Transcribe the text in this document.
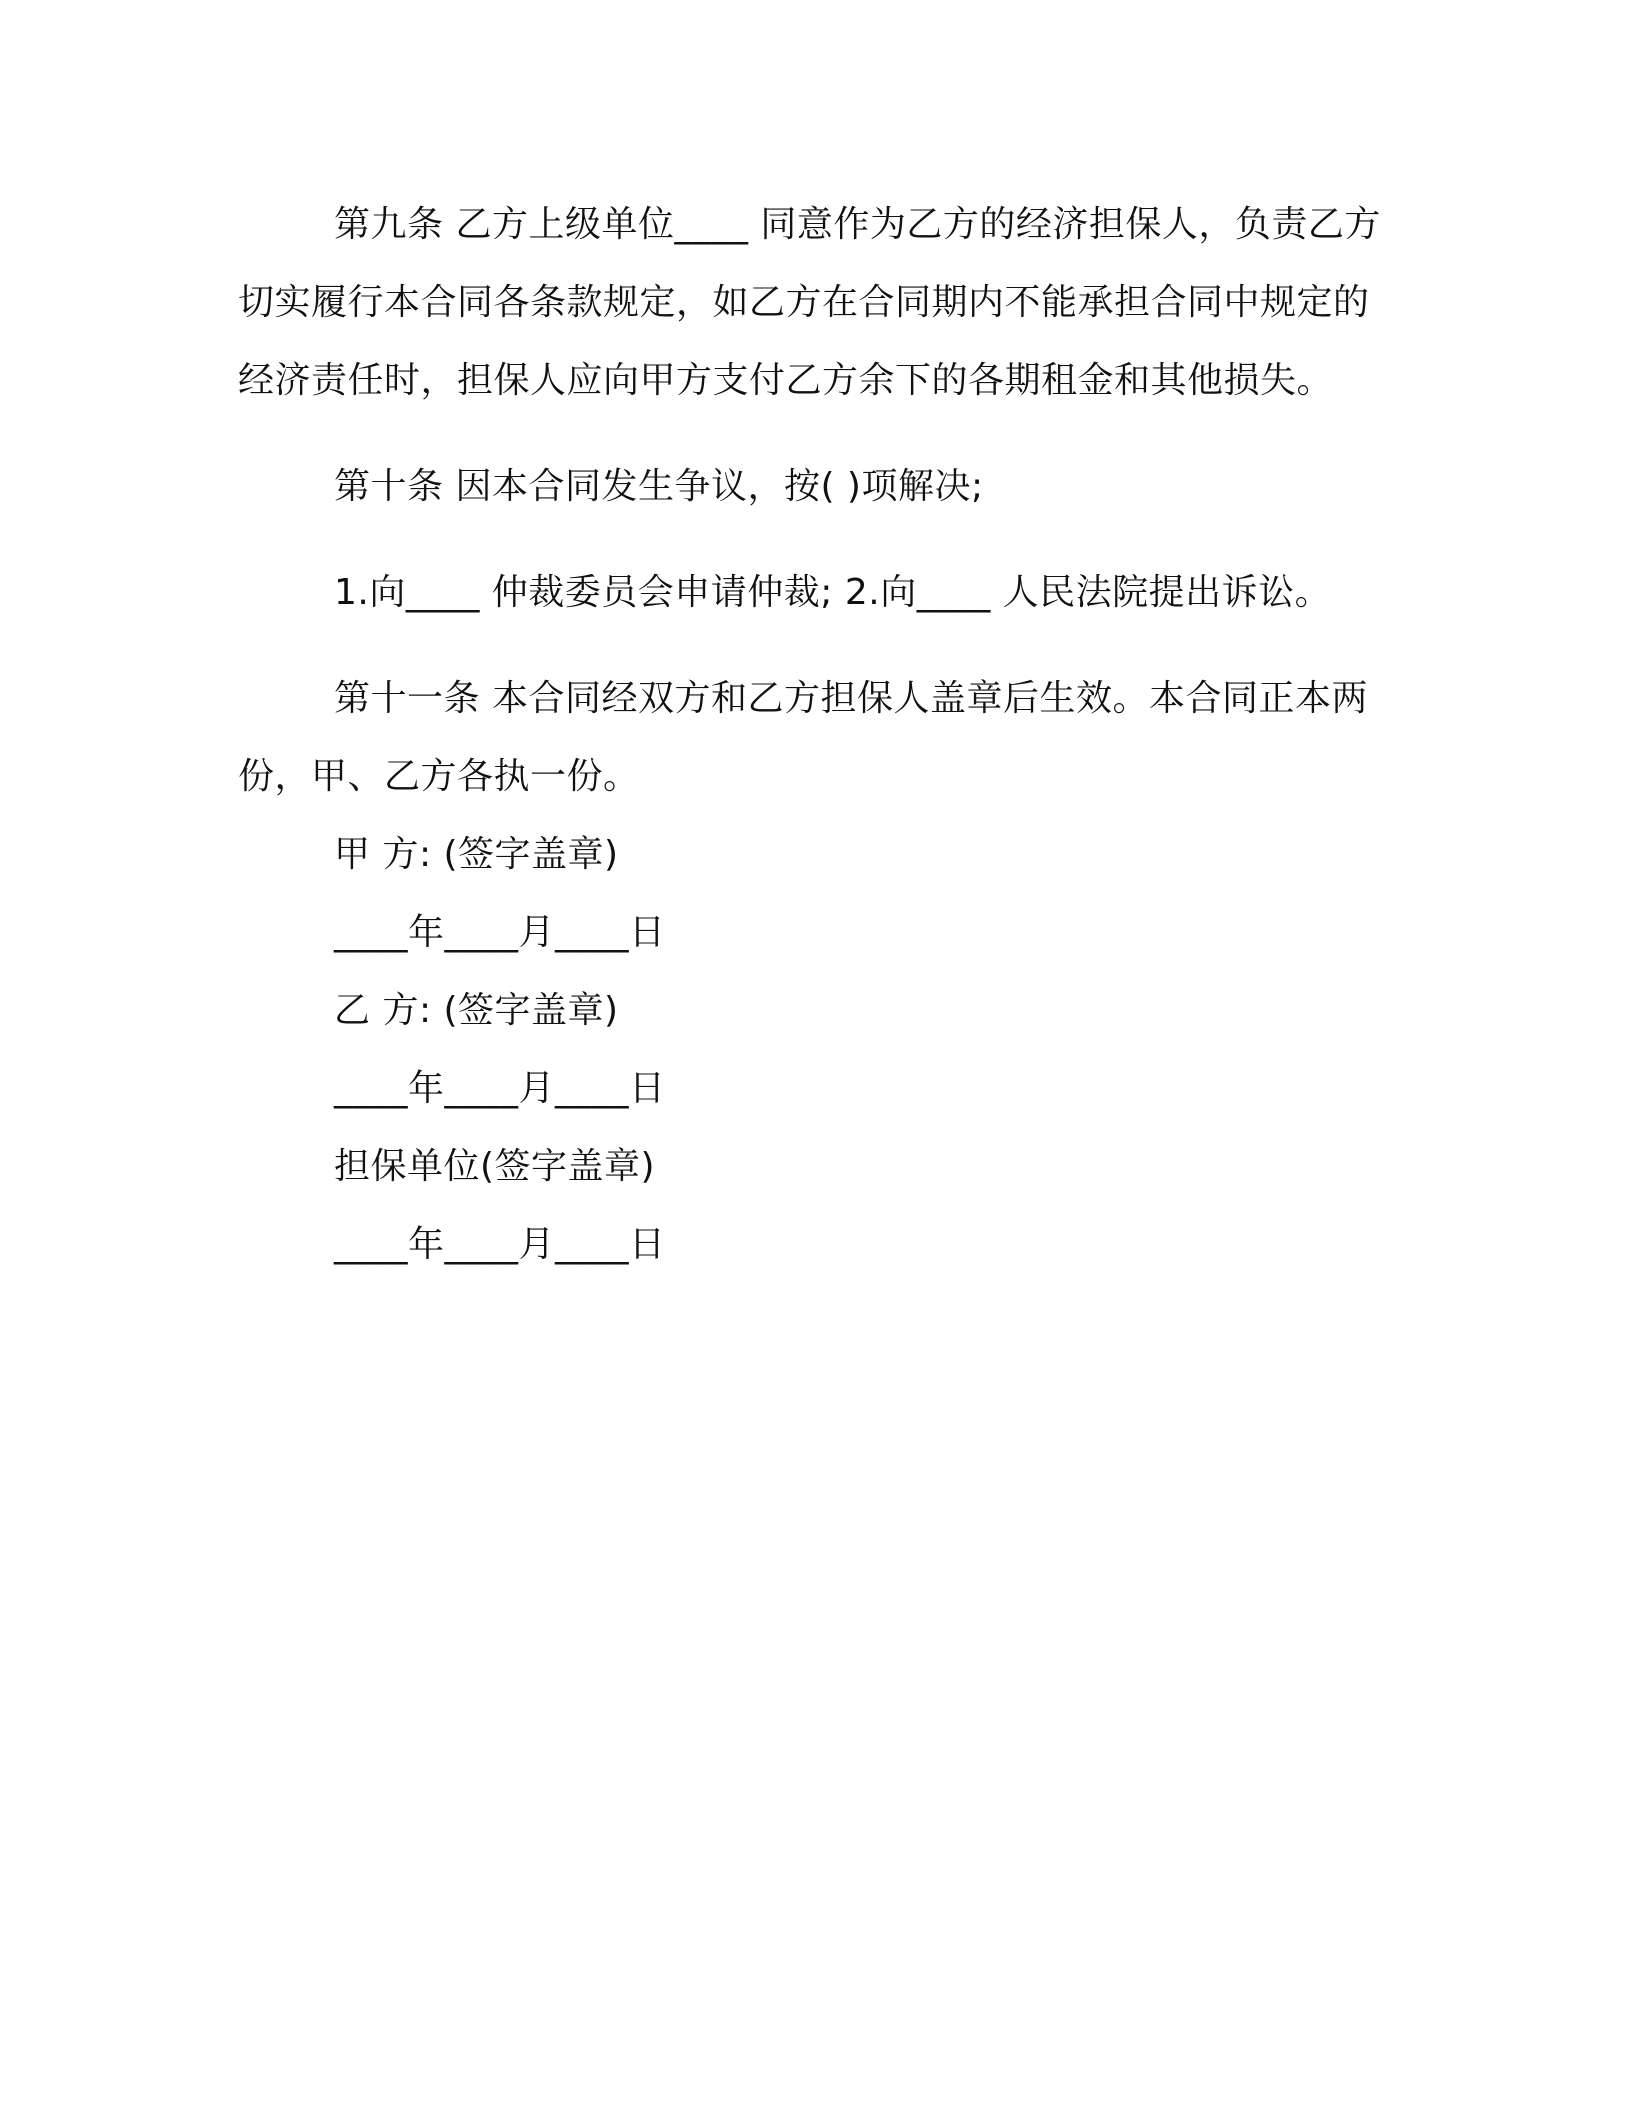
第九条 乙方上级单位____ 同意作为乙方的经济担保人，负责乙方切实履行本合同各条款规定，如乙方在合同期内不能承担合同中规定的经济责任时，担保人应向甲方支付乙方余下的各期租金和其他损失。

第十条 因本合同发生争议，按( )项解决;

1.向____ 仲裁委员会申请仲裁; 2.向____ 人民法院提出诉讼。

第十一条 本合同经双方和乙方担保人盖章后生效。本合同正本两份，甲、乙方各执一份。

甲 方: (签字盖章)

____年____月____日

乙 方: (签字盖章)

____年____月____日

担保单位(签字盖章)

____年____月____日
